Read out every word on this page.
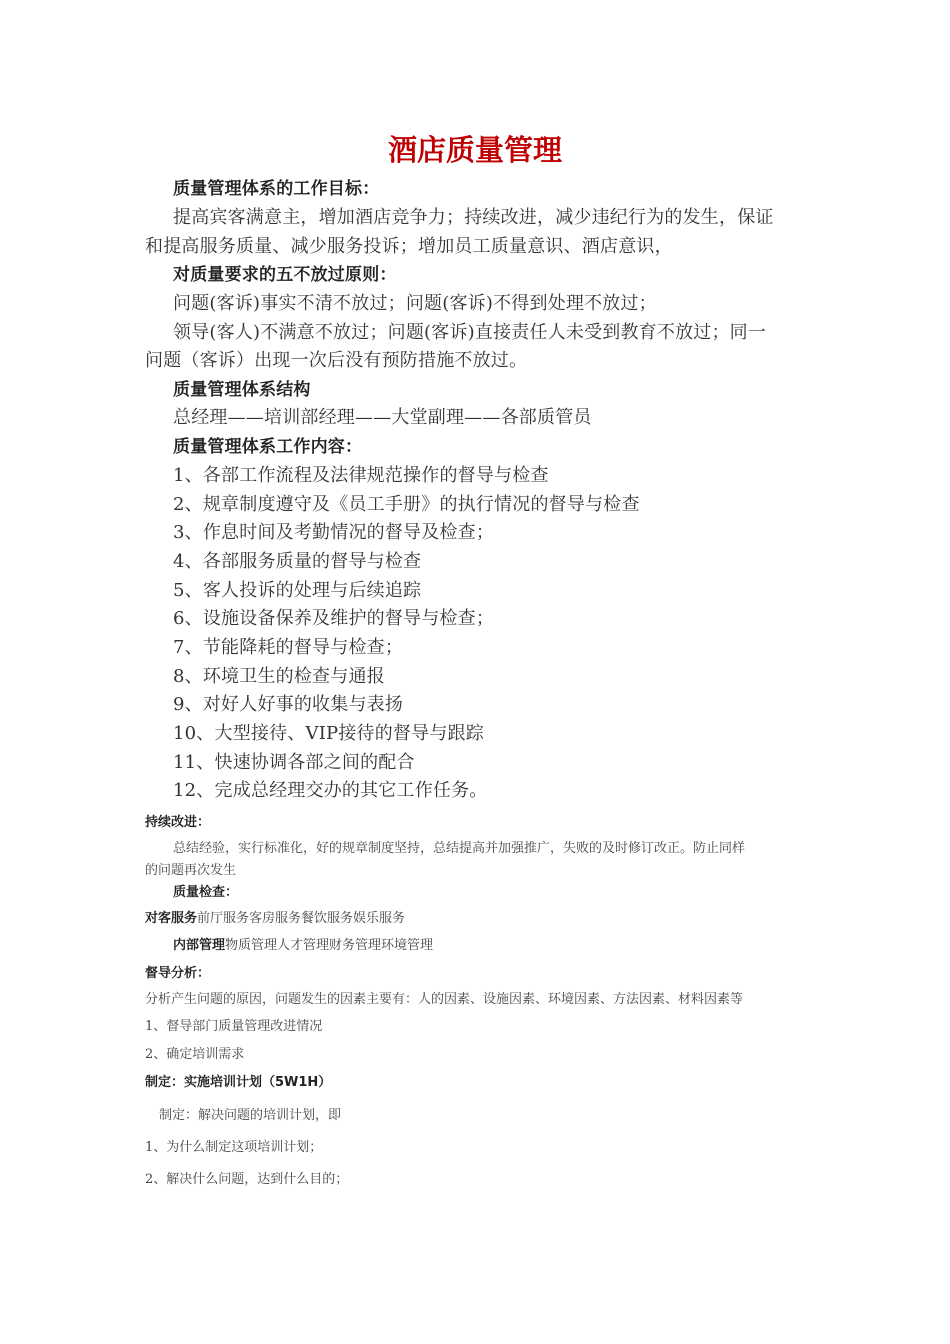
酒店质量管理
质量管理体系的工作目标：
提高宾客满意主，增加酒店竞争力；持续改进，减少违纪行为的发生，保证
和提高服务质量、减少服务投诉；增加员工质量意识、酒店意识，
对质量要求的五不放过原则：
问题(客诉)事实不清不放过；问题(客诉)不得到处理不放过；
领导(客人)不满意不放过；问题(客诉)直接责任人未受到教育不放过；同一
问题（客诉）出现一次后没有预防措施不放过。
质量管理体系结构
总经理——培训部经理——大堂副理——各部质管员
质量管理体系工作内容：
1、各部工作流程及法律规范操作的督导与检查
2、规章制度遵守及《员工手册》的执行情况的督导与检查
3、作息时间及考勤情况的督导及检查；
4、各部服务质量的督导与检查
5、客人投诉的处理与后续追踪
6、设施设备保养及维护的督导与检查；
7、节能降耗的督导与检查；
8、环境卫生的检查与通报
9、对好人好事的收集与表扬
10、大型接待、VIP接待的督导与跟踪
11、快速协调各部之间的配合
12、完成总经理交办的其它工作任务。
持续改进：
总结经验，实行标准化，好的规章制度坚持，总结提高并加强推广，失败的及时修订改正。防止同样
的问题再次发生
质量检查：
对客服务前厅服务客房服务餐饮服务娱乐服务
内部管理物质管理人才管理财务管理环境管理
督导分析：
分析产生问题的原因，问题发生的因素主要有：人的因素、设施因素、环境因素、方法因素、材料因素等
1、督导部门质量管理改进情况
2、确定培训需求
制定：实施培训计划（5W1H）
制定：解决问题的培训计划，即
1、为什么制定这项培训计划；
2、解决什么问题，达到什么目的；
